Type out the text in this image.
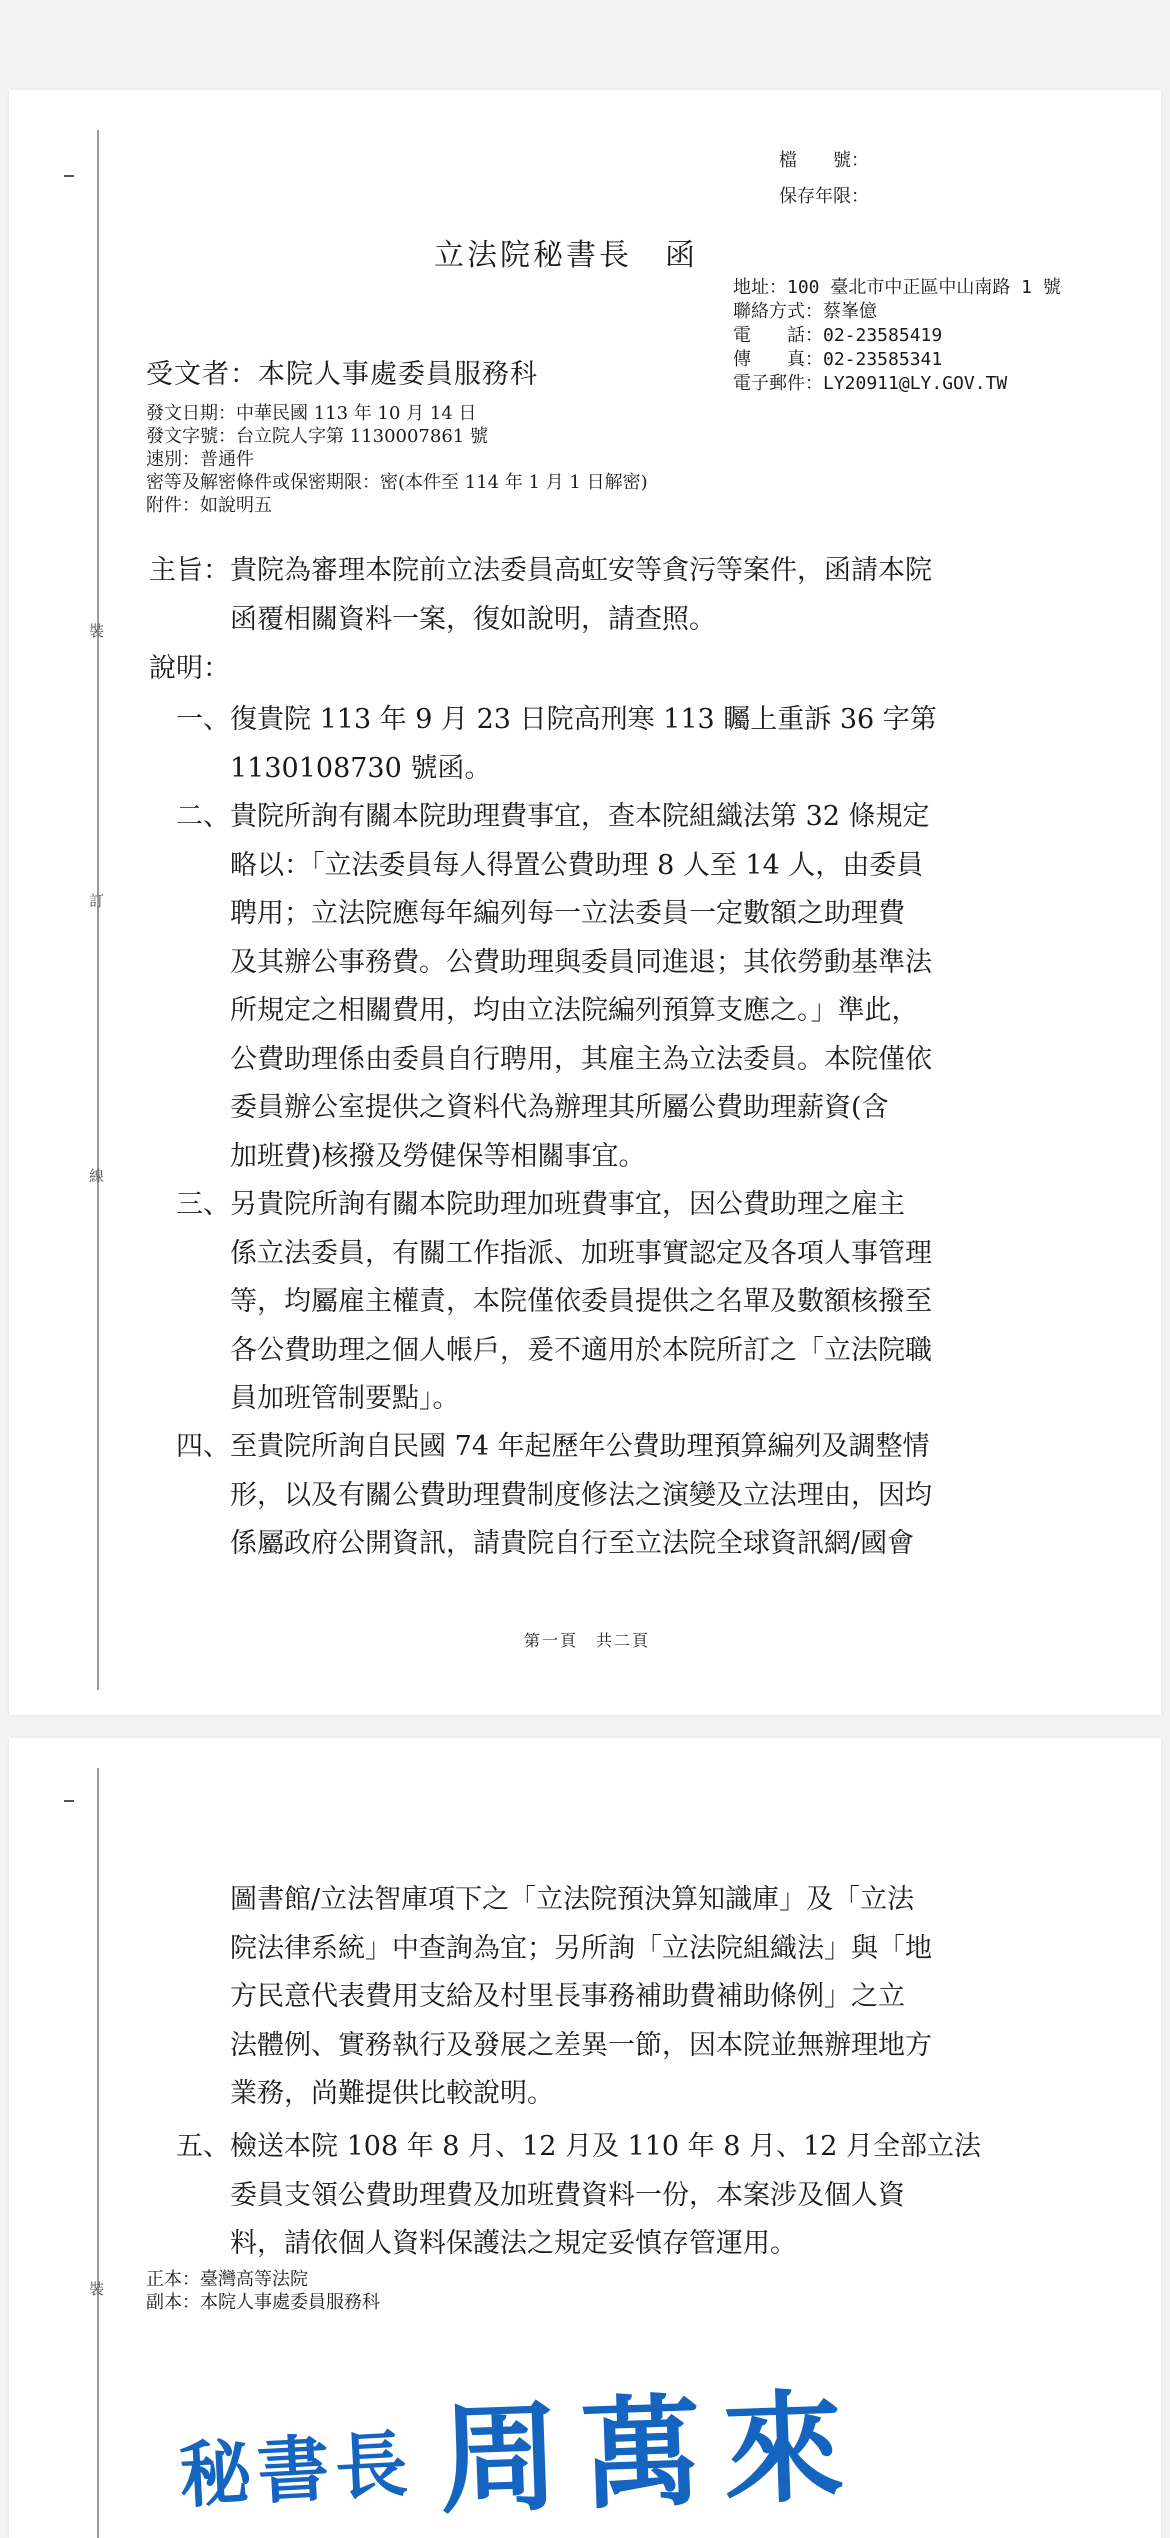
裝
訂
線
檔　　號：
保存年限：
立法院秘書長　函
地址：100 臺北市中正區中山南路 1 號
聯絡方式：蔡峯億
電　　話：02-23585419
傳　　真：02-23585341
電子郵件：LY20911@LY.GOV.TW
受文者：本院人事處委員服務科
發文日期：中華民國 113 年 10 月 14 日
發文字號：台立院人字第 1130007861 號
速別：普通件
密等及解密條件或保密期限：密(本件至 114 年 1 月 1 日解密)
附件：如說明五
主旨： 貴院為審理本院前立法委員高虹安等貪污等案件，函請本院
函覆相關資料一案，復如說明，請查照。
說明：
一、 復貴院 113 年 9 月 23 日院高刑寒 113 矚上重訴 36 字第
1130108730 號函。
二、 貴院所詢有關本院助理費事宜，查本院組織法第 32 條規定
略以：「立法委員每人得置公費助理 8 人至 14 人，由委員
聘用；立法院應每年編列每一立法委員一定數額之助理費
及其辦公事務費。公費助理與委員同進退；其依勞動基準法
所規定之相關費用，均由立法院編列預算支應之。」準此，
公費助理係由委員自行聘用，其雇主為立法委員。本院僅依
委員辦公室提供之資料代為辦理其所屬公費助理薪資(含
加班費)核撥及勞健保等相關事宜。
三、 另貴院所詢有關本院助理加班費事宜，因公費助理之雇主
係立法委員，有關工作指派、加班事實認定及各項人事管理
等，均屬雇主權責，本院僅依委員提供之名單及數額核撥至
各公費助理之個人帳戶，爰不適用於本院所訂之「立法院職
員加班管制要點」。
四、 至貴院所詢自民國 74 年起歷年公費助理預算編列及調整情
形，以及有關公費助理費制度修法之演變及立法理由，因均
係屬政府公開資訊，請貴院自行至立法院全球資訊網/國會
第一頁　共二頁
裝
圖書館/立法智庫項下之「立法院預決算知識庫」及「立法
院法律系統」中查詢為宜；另所詢「立法院組織法」與「地
方民意代表費用支給及村里長事務補助費補助條例」之立
法體例、實務執行及發展之差異一節，因本院並無辦理地方
業務，尚難提供比較說明。
五、 檢送本院 108 年 8 月、12 月及 110 年 8 月、12 月全部立法
委員支領公費助理費及加班費資料一份，本案涉及個人資
料，請依個人資料保護法之規定妥慎存管運用。
正本：臺灣高等法院
副本：本院人事處委員服務科
秘書長 周萬來
